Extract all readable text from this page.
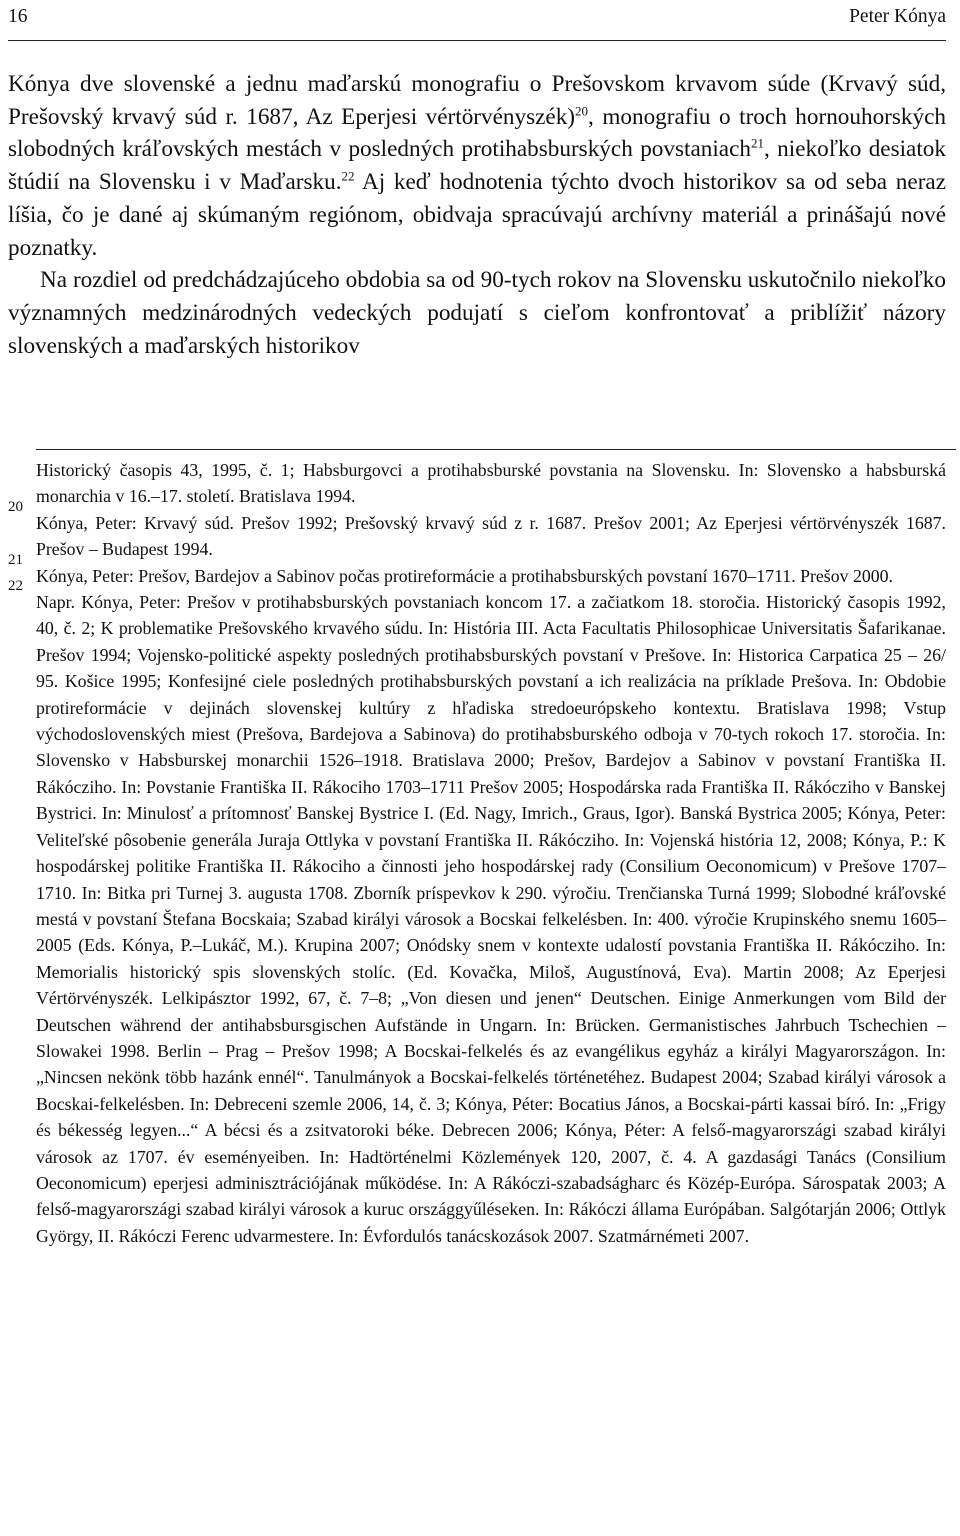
16	Peter Kónya

Kónya dve slovenské a jednu maďarskú monografiu o Prešovskom krvavom súde (Krvavý súd, Prešovský krvavý súd r. 1687, Az Eperjesi vértörvényszék)$^{20}$, monografiu o troch hornouhorských slobodných kráľovských mestách v posledných protihabsburských povstaniach$^{21}$, niekoľko desiatok štúdií na Slovensku i v Maďarsku.$^{22}$ Aj keď hodnotenia týchto dvoch historikov sa od seba neraz líšia, čo je dané aj skúmaným regiónom, obidvaja spracúvajú archívny materiál a prinášajú nové poznatky.

Na rozdiel od predchádzajúceho obdobia sa od 90-tych rokov na Slovensku uskutočnilo niekoľko významných medzinárodných vedeckých podujatí s cieľom konfrontovať a priblížiť názory slovenských a maďarských historikov

Historický časopis 43, 1995, č. 1; Habsburgovci a protihabsburské povstania na Slovensku. In: Slovensko a habsburská monarchia v 16.–17. století. Bratislava 1994.
20
Kónya, Peter: Krvavý súd. Prešov 1992; Prešovský krvavý súd z r. 1687. Prešov 2001; Az Eperjesi vértörvényszék 1687. Prešov – Budapest 1994.
21
Kónya, Peter: Prešov, Bardejov a Sabinov počas protireformácie a protihabsburských povstaní 1670–1711. Prešov 2000.
22
Napr. Kónya, Peter: Prešov v protihabsburských povstaniach koncom 17. a začiatkom 18. storočia. Historický časopis 1992, 40, č. 2; K problematike Prešovského krvavého súdu. In: História III. Acta Facultatis Philosophicae Universitatis Šafarikanae. Prešov 1994; Vojensko-politické aspekty posledných protihabsburských povstaní v Prešove. In: Historica Carpatica 25 – 26/ 95. Košice 1995; Konfesijné ciele posledných protihabsburských povstaní a ich realizácia na príklade Prešova. In: Obdobie protireformácie v dejinách slovenskej kultúry z hľadiska stredoeurópskeho kontextu. Bratislava 1998; Vstup východoslovenských miest (Prešova, Bardejova a Sabinova) do protihabsburského odboja v 70-tych rokoch 17. storočia. In: Slovensko v Habsburskej monarchii 1526–1918. Bratislava 2000; Prešov, Bardejov a Sabinov v povstaní Františka II. Rákócziho. In: Povstanie Františka II. Rákociho 1703–1711 Prešov 2005; Hospodárska rada Františka II. Rákócziho v Banskej Bystrici. In: Minulosť a prítomnosť Banskej Bystrice I. (Ed. Nagy, Imrich., Graus, Igor). Banská Bystrica 2005; Kónya, Peter: Veliteľské pôsobenie generála Juraja Ottlyka v povstaní Františka II. Rákócziho. In: Vojenská história 12, 2008; Kónya, P.: K hospodárskej politike Františka II. Rákociho a činnosti jeho hospodárskej rady (Consilium Oeconomicum) v Prešove 1707–1710. In: Bitka pri Turnej 3. augusta 1708. Zborník príspevkov k 290. výročiu. Trenčianska Turná 1999; Slobodné kráľovské mestá v povstaní Štefana Bocskaia; Szabad királyi városok a Bocskai felkelésben. In: 400. výročie Krupinského snemu 1605–2005 (Eds. Kónya, P.–Lukáč, M.). Krupina 2007; Onódsky snem v kontexte udalostí povstania Františka II. Rákócziho. In: Memorialis historický spis slovenských stolíc. (Ed. Kovačka, Miloš, Augustínová, Eva). Martin 2008; Az Eperjesi Vértörvényszék. Lelkipásztor 1992, 67, č. 7–8; „Von diesen und jenen“ Deutschen. Einige Anmerkungen vom Bild der Deutschen während der antihabsbursgischen Aufstände in Ungarn. In: Brücken. Germanistisches Jahrbuch Tschechien – Slowakei 1998. Berlin – Prag – Prešov 1998; A Bocskai-felkelés és az evangélikus egyház a királyi Magyarországon. In: „Nincsen nekönk több hazánk ennél“. Tanulmányok a Bocskai-felkelés történetéhez. Budapest 2004; Szabad királyi városok a Bocskai-felkelésben. In: Debreceni szemle 2006, 14, č. 3; Kónya, Péter: Bocatius János, a Bocskai-párti kassai bíró. In: „Frigy és békesség legyen...“ A bécsi és a zsitvatoroki béke. Debrecen 2006; Kónya, Péter: A felső-magyarországi szabad királyi városok az 1707. év eseményeiben. In: Hadtörténelmi Közlemények 120, 2007, č. 4. A gazdasági Tanács (Consilium Oeconomicum) eperjesi adminisztrációjának működése. In: A Rákóczi-szabadságharc és Közép-Európa. Sárospatak 2003; A felső-magyarországi szabad királyi városok a kuruc országgyűléseken. In: Rákóczi állama Európában. Salgótarján 2006; Ottlyk György, II. Rákóczi Ferenc udvarmestere. In: Évfordulós tanácskozások 2007. Szatmárnémeti 2007.
